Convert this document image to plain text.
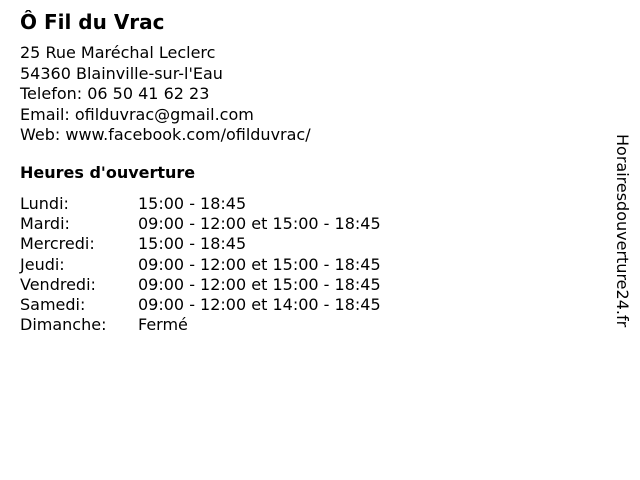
Ô Fil du Vrac
25 Rue Maréchal Leclerc
54360 Blainville-sur-l'Eau
Telefon: 06 50 41 62 23
Email: ofilduvrac@gmail.com
Web: www.facebook.com/ofilduvrac/
Heures d'ouverture
Lundi:	15:00 - 18:45
Mardi:	09:00 - 12:00 et 15:00 - 18:45
Mercredi:	15:00 - 18:45
Jeudi:	09:00 - 12:00 et 15:00 - 18:45
Vendredi:	09:00 - 12:00 et 15:00 - 18:45
Samedi:	09:00 - 12:00 et 14:00 - 18:45
Dimanche: Fermé	Horairesdouverture24.fr
